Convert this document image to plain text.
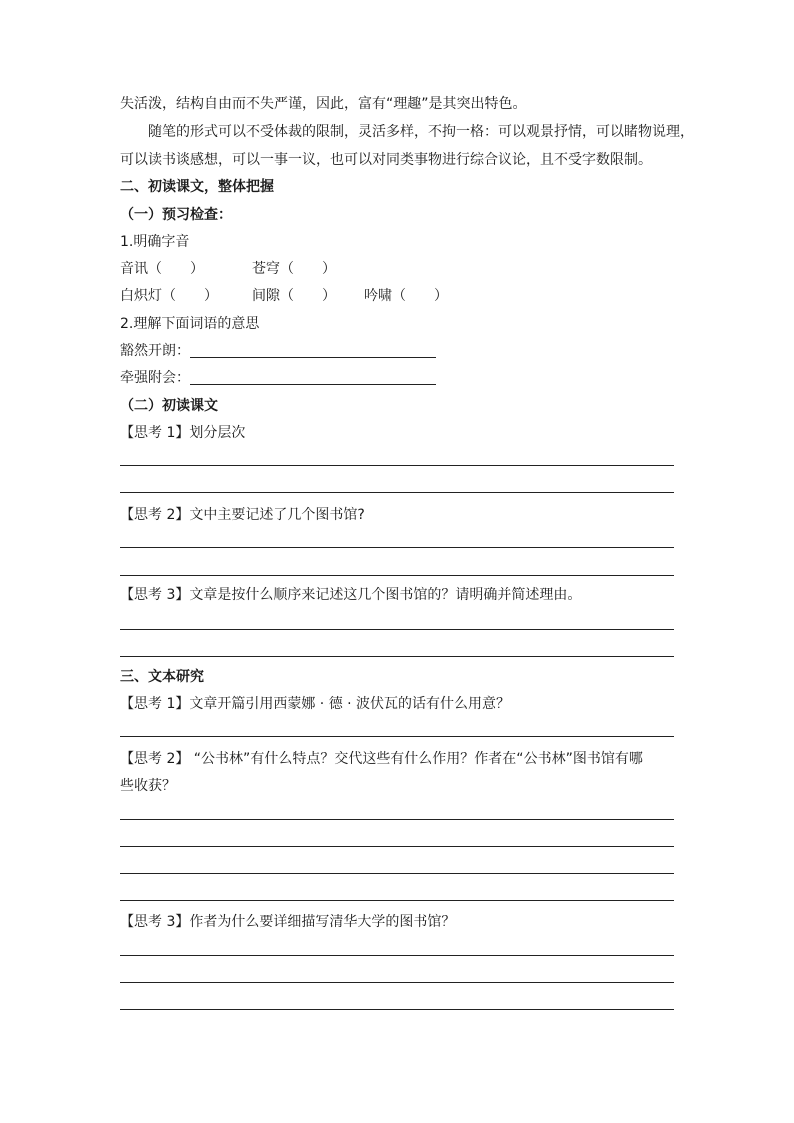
失活泼，结构自由而不失严谨，因此，富有“理趣”是其突出特色。
随笔的形式可以不受体裁的限制，灵活多样，不拘一格：可以观景抒情，可以睹物说理，
可以读书谈感想，可以一事一议，也可以对同类事物进行综合议论，且不受字数限制。
二、初读课文，整体把握
（一）预习检查：
1.明确字音
音讯（　　）	苍穹（　　）
白炽灯（　　） 间隙（　　） 吟啸（　　）
2.理解下面词语的意思
豁然开朗：
牵强附会：
（二）初读课文
【思考 1】划分层次
【思考 2】文中主要记述了几个图书馆?
【思考 3】文章是按什么顺序来记述这几个图书馆的？请明确并简述理由。
三、文本研究
【思考 1】文章开篇引用西蒙娜 · 德 · 波伏瓦的话有什么用意？
【思考 2】 “公书林”有什么特点？交代这些有什么作用？作者在“公书林”图书馆有哪
些收获？
【思考 3】作者为什么要详细描写清华大学的图书馆？
